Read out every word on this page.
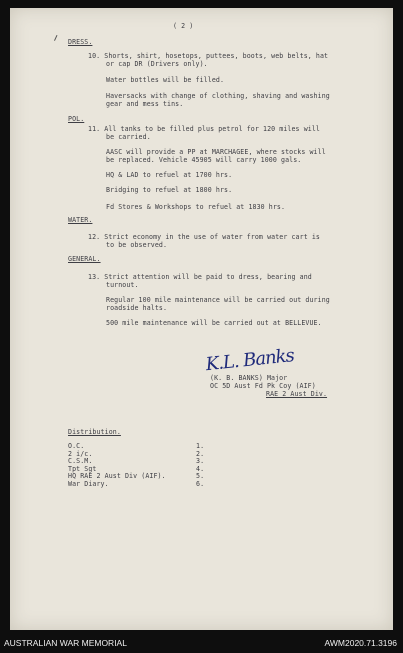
( 2 )
DRESS.
10. Shorts, shirt, hosetops, puttees, boots, web belts, hat
or cap DR (Drivers only).
Water bottles will be filled.
Haversacks with change of clothing, shaving and washing
gear and mess tins.
POL.
11. All tanks to be filled plus petrol for 120 miles will
be carried.
AASC will provide a PP at MARCHAGEE, where stocks will
be replaced. Vehicle 45905 will carry 1000 gals.
HQ & LAD to refuel at 1700 hrs.
Bridging to refuel at 1800 hrs.
Fd Stores & Workshops to refuel at 1830 hrs.
WATER.
12. Strict economy in the use of water from water cart is
to be observed.
GENERAL.
13. Strict attention will be paid to dress, bearing and
turnout.
Regular 100 mile maintenance will be carried out during
roadside halts.
500 mile maintenance will be carried out at BELLEVUE.
K.L. Banks
(K. B. BANKS) Major
OC 5D Aust Fd Pk Coy (AIF)
RAE 2 Aust Div.
Distribution.
O.C.	1.
2 i/c.	2.
C.S.M.	3.
Tpt Sgt	4.
HQ RAE 2 Aust Div (AIF).	5.
War Diary.	6.
AUSTRALIAN WAR MEMORIAL	AWM2020.71.3196
